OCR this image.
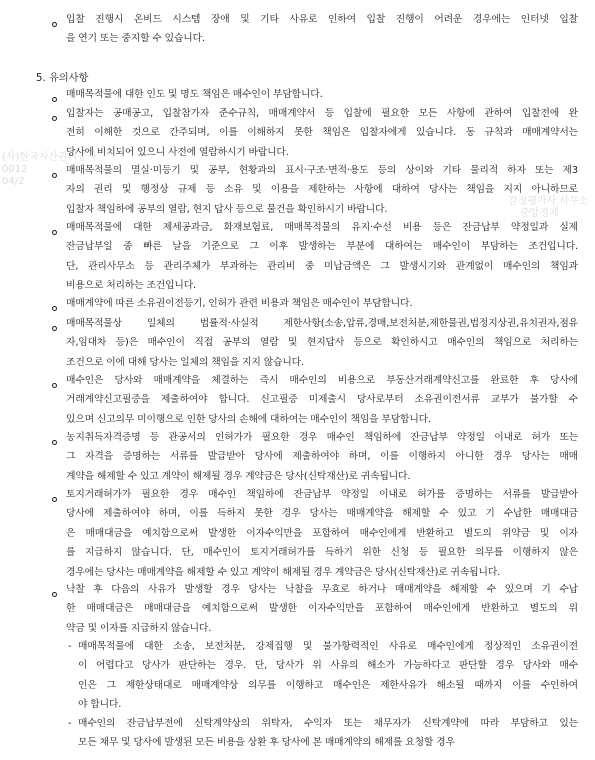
(사)한국자산관리공사
0012
04/2
감정평가사 사무소
중앙경제
입찰 진행시 온비드 시스템 장애 및 기타 사유로 인하여 입찰 진행이 어려운 경우에는 인터넷 입찰
을 연기 또는 중지할 수 있습니다.
5. 유의사항
매매목적물에 대한 인도 및 명도 책임은 매수인이 부담합니다.
입찰자는 공매공고, 입찰참가자 준수규칙, 매매계약서 등 입찰에 필요한 모든 사항에 관하여 입찰전에 완
전히 이해한 것으로 간주되며, 이를 이해하지 못한 책임은 입찰자에게 있습니다. 동 규칙과 매매계약서는
당사에 비치되어 있으니 사전에 열람하시기 바랍니다.
매매목적물의 멸실·미등기 및 공부, 현황과의 표시·구조·면적·용도 등의 상이와 기타 물리적 하자 또는 제3
자의 권리 및 행정상 규제 등 소유 및 이용을 제한하는 사항에 대하여 당사는 책임을 지지 아니하므로
입찰자 책임하에 공부의 열람, 현지 답사 등으로 물건을 확인하시기 바랍니다.
매매목적물에 대한 제세공과금, 화재보험료, 매매목적물의 유지·수선 비용 등은 잔금납부 약정일과 실제
잔금납부일 중 빠른 날을 기준으로 그 이후 발생하는 부분에 대하여는 매수인이 부담하는 조건입니다.
단, 관리사무소 등 관리주체가 부과하는 관리비 중 미납금액은 그 발생시기와 관계없이 매수인의 책임과
비용으로 처리하는 조건입니다.
매매계약에 따른 소유권이전등기, 인허가 관련 비용과 책임은 매수인이 부담합니다.
매매목적물상 일체의 법률적·사실적 제한사항(소송,압류,경매,보전처분,제한물권,법정지상권,유치권자,점유
자,임대차 등)은 매수인이 직접 공부의 열람 및 현지답사 등으로 확인하시고 매수인의 책임으로 처리하는
조건으로 이에 대해 당사는 일체의 책임을 지지 않습니다.
매수인은 당사와 매매계약을 체결하는 즉시 매수인의 비용으로 부동산거래계약신고를 완료한 후 당사에
거래계약신고필증을 제출하여야 합니다. 신고필증 미제출시 당사로부터 소유권이전서류 교부가 불가할 수
있으며 신고의무 미이행으로 인한 당사의 손해에 대하여는 매수인이 책임을 부담합니다.
농지취득자격증명 등 관공서의 인허가가 필요한 경우 매수인 책임하에 잔금납부 약정일 이내로 허가 또는
그 자격을 증명하는 서류를 발급받아 당사에 제출하여야 하며, 이를 이행하지 아니한 경우 당사는 매매
계약을 해제할 수 있고 계약이 해제될 경우 계약금은 당사(신탁재산)로 귀속됩니다.
토지거래허가가 필요한 경우 매수인 책임하에 잔금납부 약정일 이내로 허가를 증명하는 서류를 발급받아
당사에 제출하여야 하며, 이를 득하지 못한 경우 당사는 매매계약을 해제할 수 있고 기 수납한 매매대금
은 매매대금을 예치함으로써 발생한 이자수익만을 포함하여 매수인에게 반환하고 별도의 위약금 및 이자
를 지급하지 않습니다. 단, 매수인이 토지거래허가를 득하기 위한 신청 등 필요한 의무를 이행하지 않은
경우에는 당사는 매매계약을 해제할 수 있고 계약이 해제될 경우 계약금은 당사(신탁재산)로 귀속됩니다.
낙찰 후 다음의 사유가 발생할 경우 당사는 낙찰을 무효로 하거나 매매계약을 해제할 수 있으며 기 수납
한 매매대금은 매매대금을 예치함으로써 발생한 이자수익만을 포함하여 매수인에게 반환하고 별도의 위
약금 및 이자를 지급하지 않습니다.
- 매매목적물에 대한 소송, 보전처분, 강제집행 및 불가항력적인 사유로 매수인에게 정상적인 소유권이전
이 어렵다고 당사가 판단하는 경우. 단, 당사가 위 사유의 해소가 가능하다고 판단할 경우 당사와 매수
인은 그 제한상태대로 매매계약상 의무를 이행하고 매수인은 제한사유가 해소될 때까지 이를 수인하여
야 합니다.
- 매수인의 잔금납부전에 신탁계약상의 위탁자, 수익자 또는 채무자가 신탁계약에 따라 부담하고 있는
모든 채무 및 당사에 발생된 모든 비용을 상환 후 당사에 본 매매계약의 해제를 요청할 경우
